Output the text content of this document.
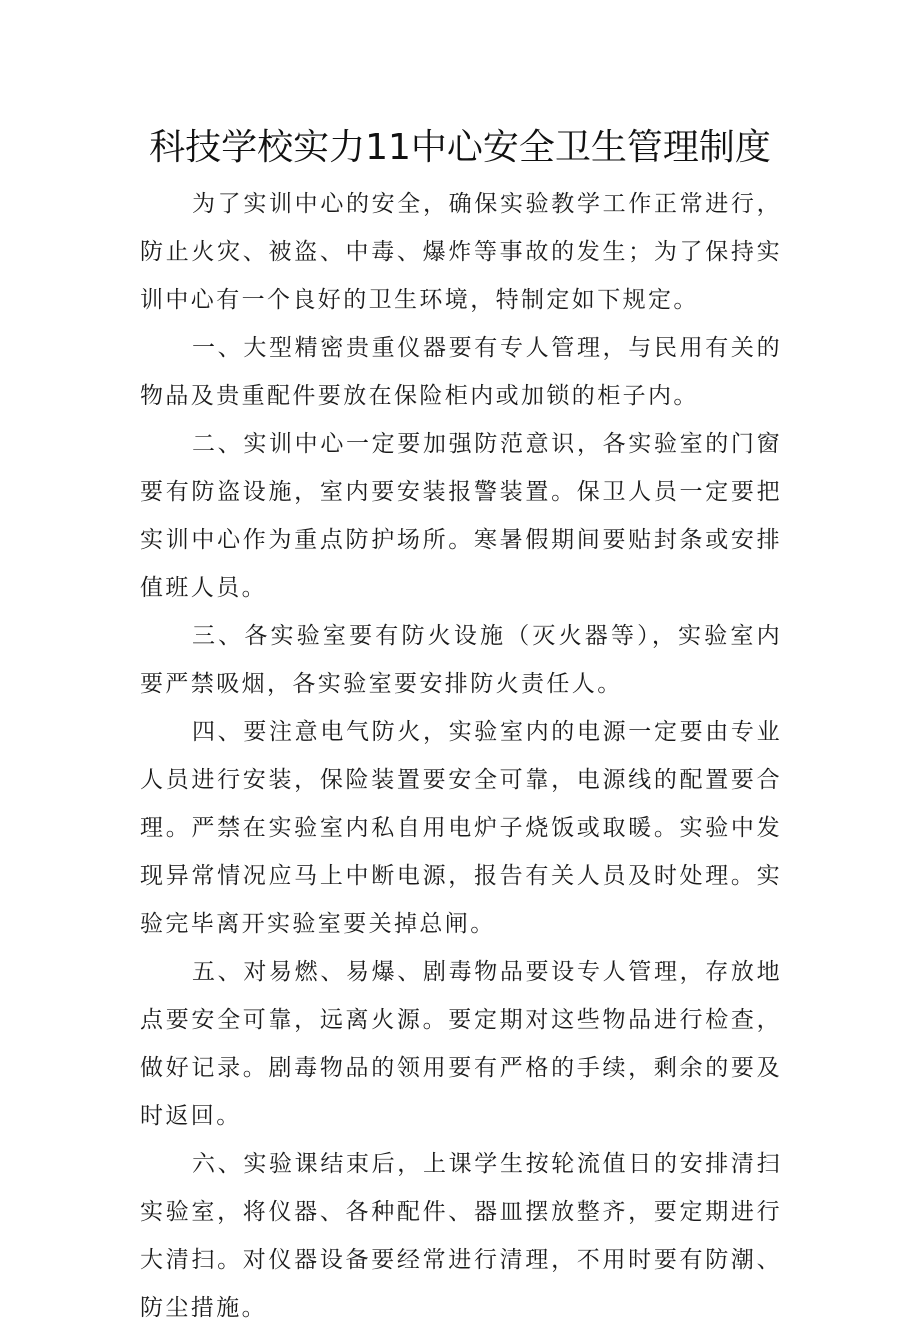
科技学校实力11中心安全卫生管理制度

为了实训中心的安全，确保实验教学工作正常进行，防止火灾、被盗、中毒、爆炸等事故的发生；为了保持实训中心有一个良好的卫生环境，特制定如下规定。

一、大型精密贵重仪器要有专人管理，与民用有关的物品及贵重配件要放在保险柜内或加锁的柜子内。

二、实训中心一定要加强防范意识，各实验室的门窗要有防盗设施，室内要安装报警装置。保卫人员一定要把实训中心作为重点防护场所。寒暑假期间要贴封条或安排值班人员。

三、各实验室要有防火设施（灭火器等），实验室内要严禁吸烟，各实验室要安排防火责任人。

四、要注意电气防火，实验室内的电源一定要由专业人员进行安装，保险装置要安全可靠，电源线的配置要合理。严禁在实验室内私自用电炉子烧饭或取暖。实验中发现异常情况应马上中断电源，报告有关人员及时处理。实验完毕离开实验室要关掉总闸。

五、对易燃、易爆、剧毒物品要设专人管理，存放地点要安全可靠，远离火源。要定期对这些物品进行检查，做好记录。剧毒物品的领用要有严格的手续，剩余的要及时返回。

六、实验课结束后，上课学生按轮流值日的安排清扫实验室，将仪器、各种配件、器皿摆放整齐，要定期进行大清扫。对仪器设备要经常进行清理，不用时要有防潮、防尘措施。
